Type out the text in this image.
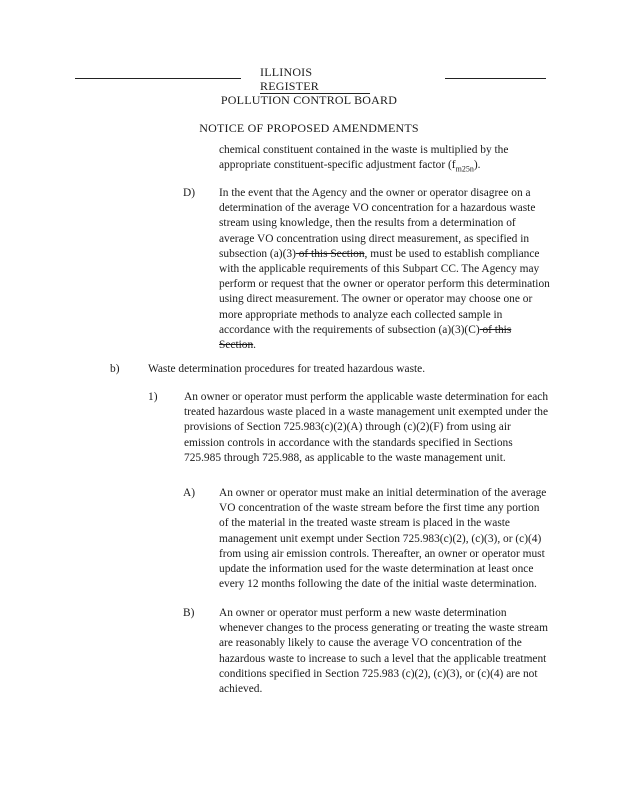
ILLINOIS REGISTER
POLLUTION CONTROL BOARD
NOTICE OF PROPOSED AMENDMENTS

chemical constituent contained in the waste is multiplied by the appropriate constituent-specific adjustment factor $(f_{m25n})$.

D) In the event that the Agency and the owner or operator disagree on a determination of the average VO concentration for a hazardous waste stream using knowledge, then the results from a determination of average VO concentration using direct measurement, as specified in subsection (a)(3) of this Section, must be used to establish compliance with the applicable requirements of this Subpart CC. The Agency may perform or request that the owner or operator perform this determination using direct measurement. The owner or operator may choose one or more appropriate methods to analyze each collected sample in accordance with the requirements of subsection (a)(3)(C) of this Section.

b)	Waste determination procedures for treated hazardous waste.

1) An owner or operator must perform the applicable waste determination for each treated hazardous waste placed in a waste management unit exempted under the provisions of Section 725.983(c)(2)(A) through (c)(2)(F) from using air emission controls in accordance with the standards specified in Sections 725.985 through 725.988, as applicable to the waste management unit.

A) An owner or operator must make an initial determination of the average VO concentration of the waste stream before the first time any portion of the material in the treated waste stream is placed in the waste management unit exempt under Section 725.983(c)(2), (c)(3), or (c)(4) from using air emission controls. Thereafter, an owner or operator must update the information used for the waste determination at least once every 12 months following the date of the initial waste determination.

B) An owner or operator must perform a new waste determination whenever changes to the process generating or treating the waste stream are reasonably likely to cause the average VO concentration of the hazardous waste to increase to such a level that the applicable treatment conditions specified in Section 725.983 (c)(2), (c)(3), or (c)(4) are not achieved.
